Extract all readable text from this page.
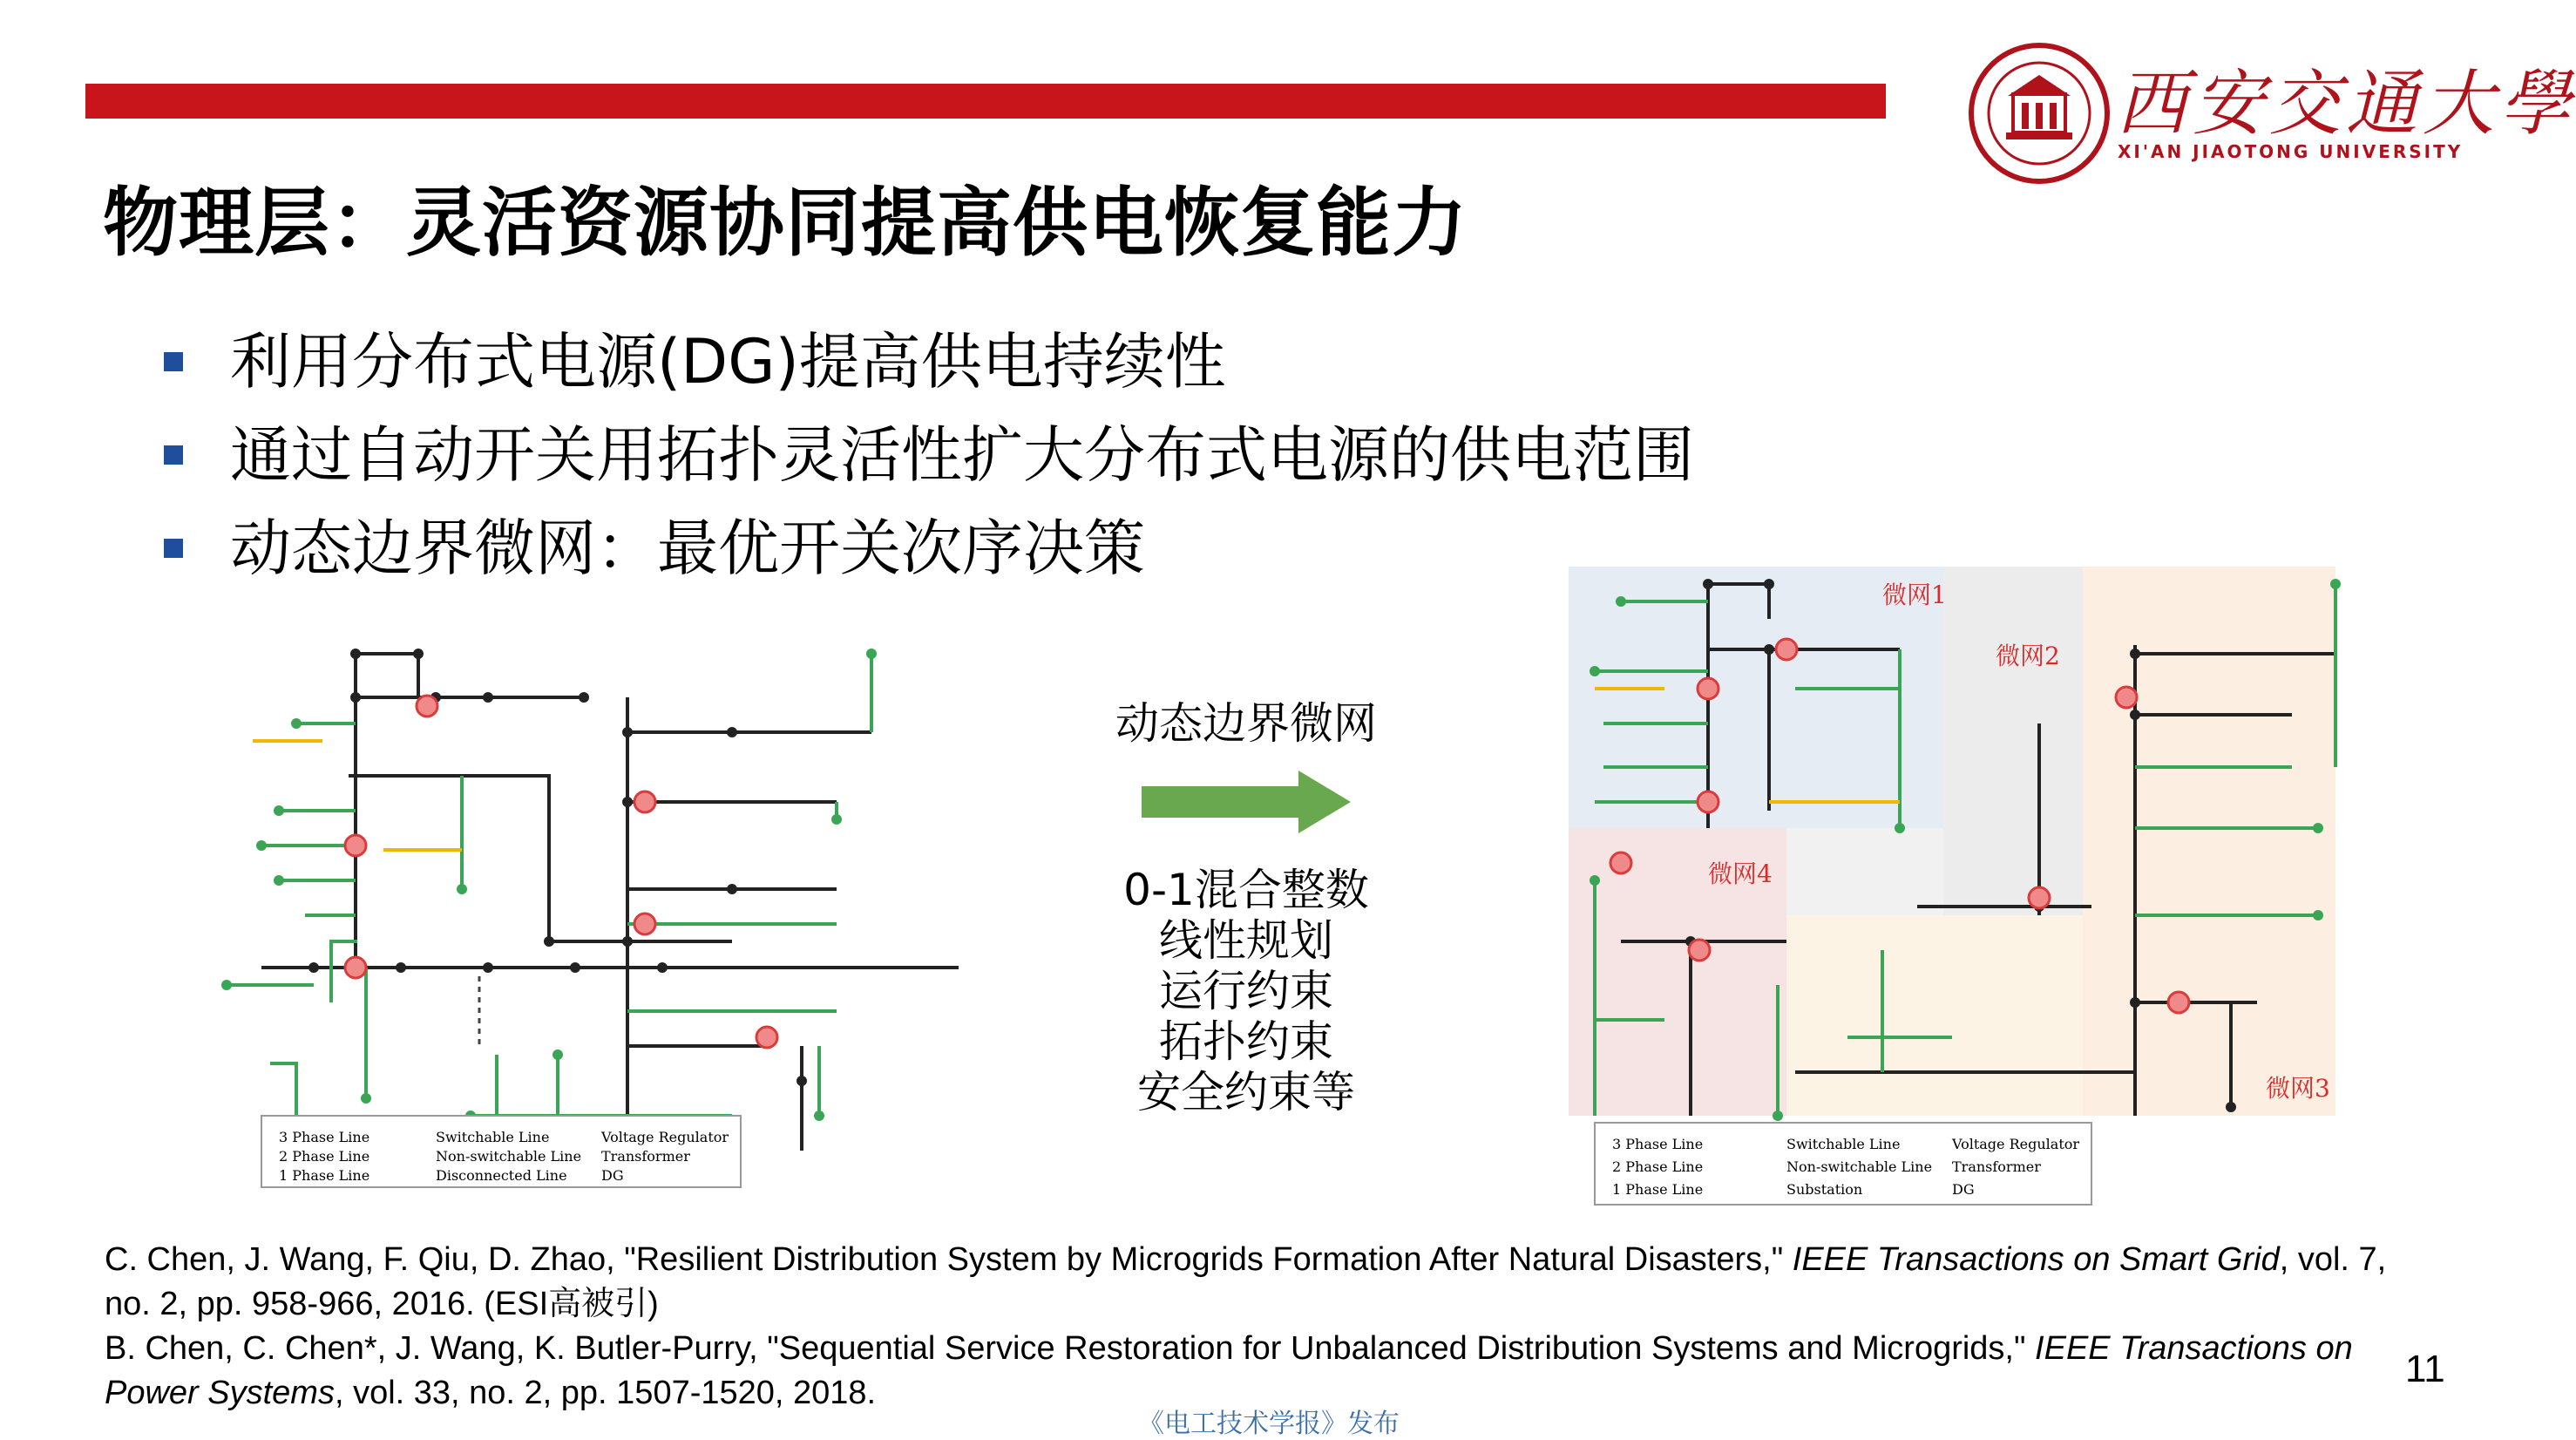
物理层：灵活资源协同提高供电恢复能力
西安交通大學
XI'AN JIAOTONG UNIVERSITY
利用分布式电源(DG)提高供电持续性
通过自动开关用拓扑灵活性扩大分布式电源的供电范围
动态边界微网：最优开关次序决策
3 Phase Line
2 Phase Line
1 Phase Line
Switchable Line
Non-switchable Line
Disconnected Line
Voltage Regulator
Transformer
DG
动态边界微网
0-1混合整数
线性规划
运行约束
拓扑约束
安全约束等
微网1
微网2
微网3
微网4
3 Phase Line
2 Phase Line
1 Phase Line
Switchable Line
Non-switchable Line
Substation
Voltage Regulator
Transformer
DG
C. Chen, J. Wang, F. Qiu, D. Zhao, "Resilient Distribution System by Microgrids Formation After Natural Disasters," IEEE Transactions on Smart Grid, vol. 7, no. 2, pp. 958-966, 2016. (ESI高被引)
B. Chen, C. Chen*, J. Wang, K. Butler-Purry, "Sequential Service Restoration for Unbalanced Distribution Systems and Microgrids," IEEE Transactions on Power Systems, vol. 33, no. 2, pp. 1507-1520, 2018.
11
《电工技术学报》发布
